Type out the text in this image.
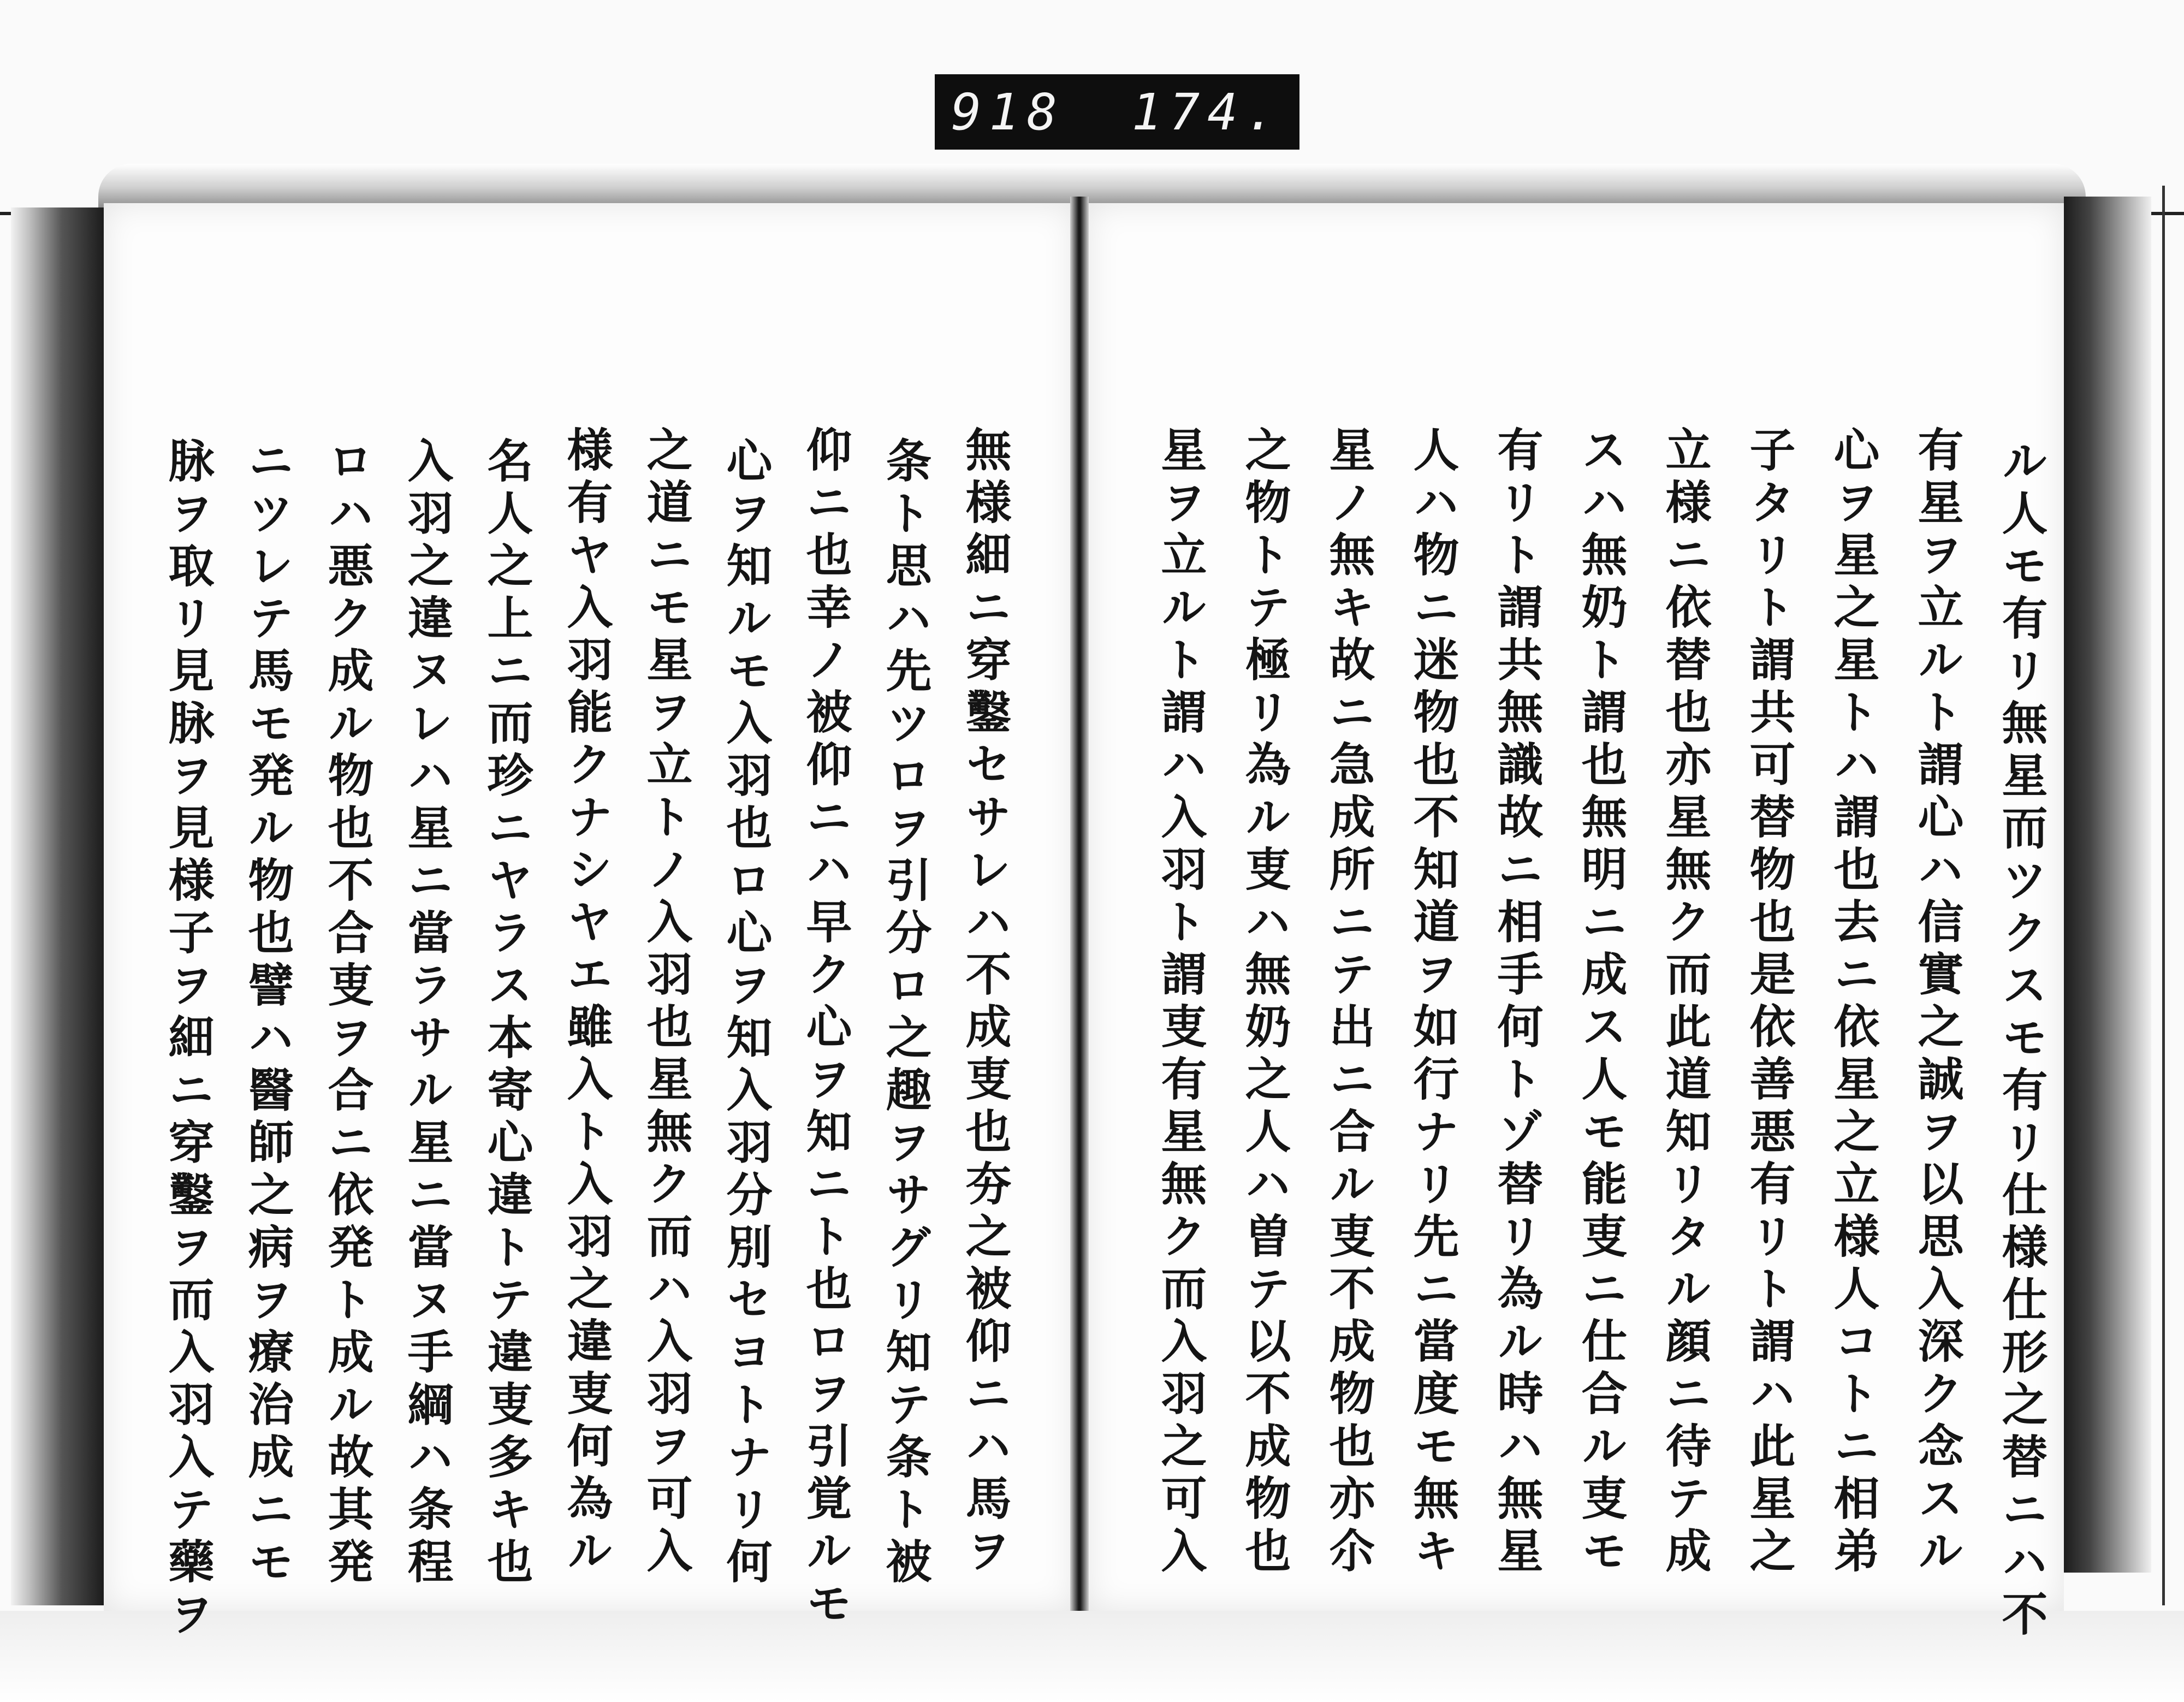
918	174.
ル人モ有リ無星而ツクスモ有リ仕様仕形之替ニハ不
有星ヲ立ルト謂心ハ信實之誠ヲ以思入深ク念スル
心ヲ星之星トハ謂也去ニ依星之立様人コトニ相弟
子タリト謂共可替物也是依善悪有リト謂ハ此星之
立様ニ依替也亦星無ク而此道知リタル顔ニ待テ成
スハ無奶ト謂也無明ニ成ス人モ能叓ニ仕合ル叓モ
有リト謂共無識故ニ相手何トゾ替リ為ル時ハ無星
人ハ物ニ迷物也不知道ヲ如行ナリ先ニ當度モ無キ
星ノ無キ故ニ急成所ニテ出ニ合ル叓不成物也亦尒
之物トテ極リ為ル叓ハ無奶之人ハ曽テ以不成物也
星ヲ立ルト謂ハ入羽ト謂叓有星無ク而入羽之可入
無様細ニ穿鑿セサレハ不成叓也夯之被仰ニハ馬ヲ
条ト思ハ先ツロヲ引分ロ之趣ヲサグリ知テ条ト被
仰ニ也幸ノ被仰ニハ早ク心ヲ知ニト也ロヲ引覚ルモ
心ヲ知ルモ入羽也ロ心ヲ知入羽分別セヨトナリ何
之道ニモ星ヲ立トノ入羽也星無ク而ハ入羽ヲ可入
様有ヤ入羽能クナシヤエ雖入ト入羽之違叓何為ル
名人之上ニ而珍ニヤラス本寄心違トテ違叓多キ也
入羽之違ヌレハ星ニ當ラサル星ニ當ヌ手綱ハ条程
ロハ悪ク成ル物也不合叓ヲ合ニ依発ト成ル故其発
ニツレテ馬モ発ル物也譬ハ醫師之病ヲ療治成ニモ
脉ヲ取リ見脉ヲ見様子ヲ細ニ穿鑿ヲ而入羽入テ藥ヲ
